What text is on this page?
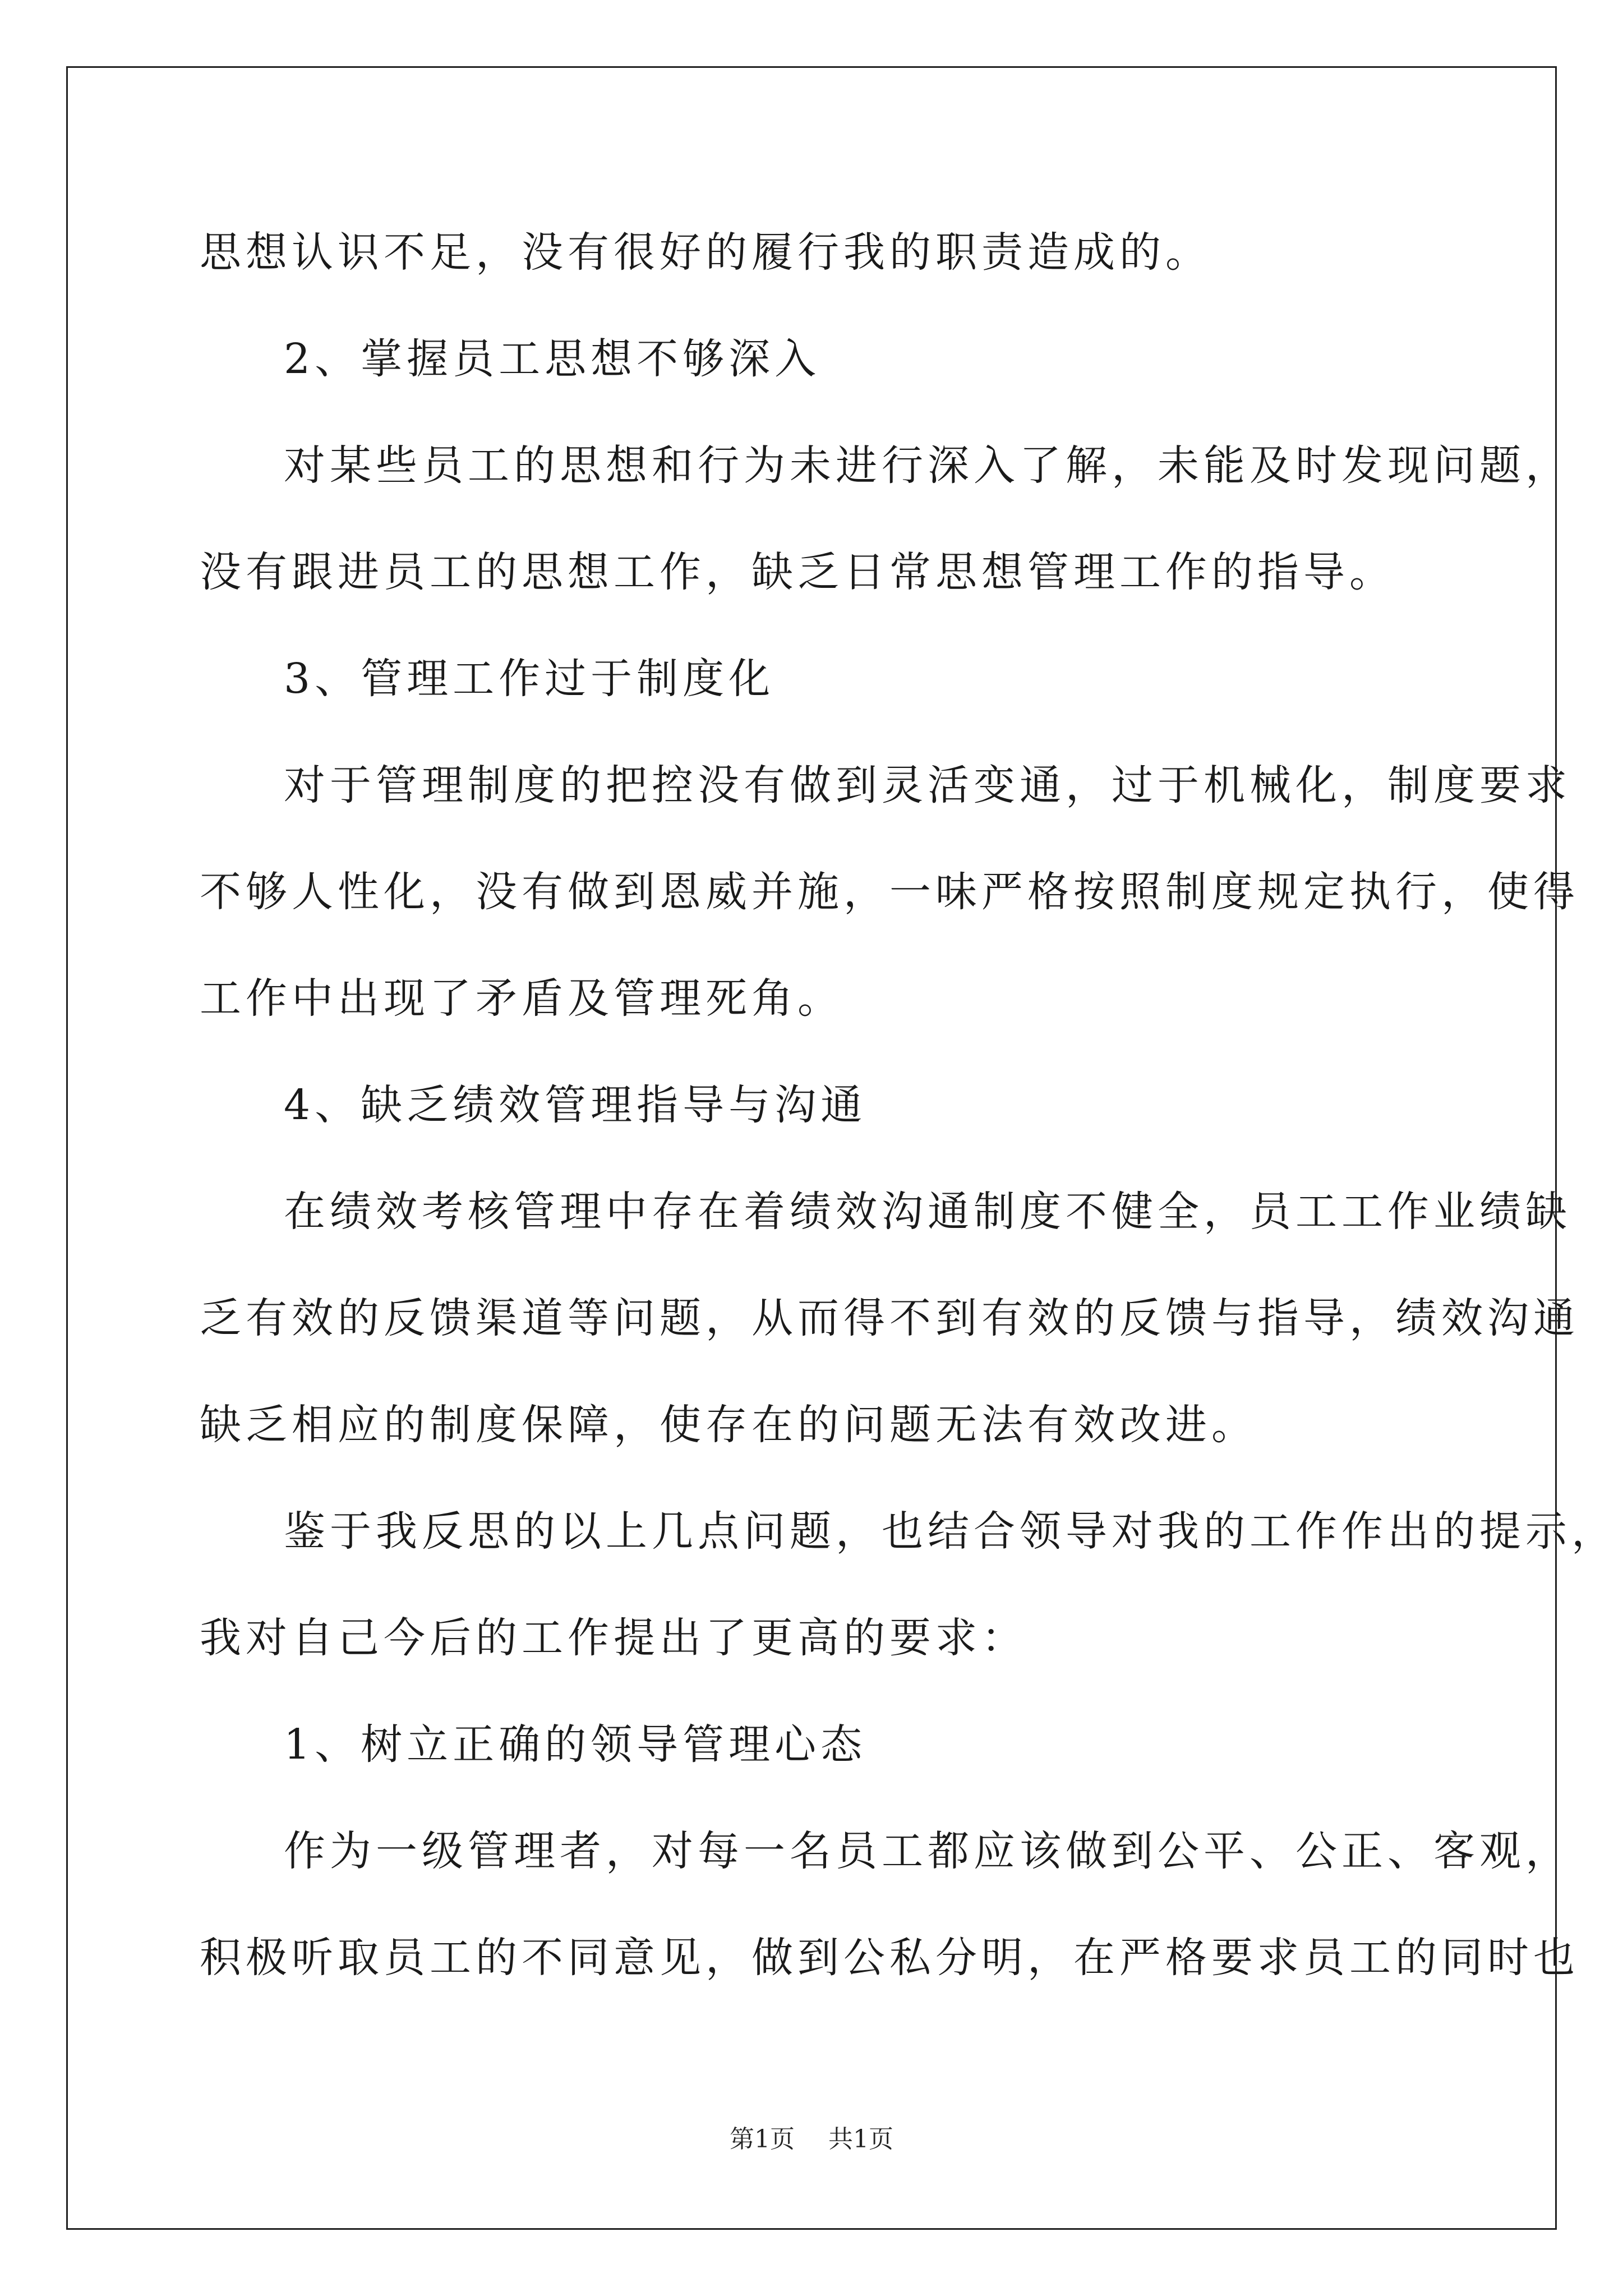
思想认识不足，没有很好的履行我的职责造成的。

2、掌握员工思想不够深入

对某些员工的思想和行为未进行深入了解，未能及时发现问题，

没有跟进员工的思想工作，缺乏日常思想管理工作的指导。

3、管理工作过于制度化

对于管理制度的把控没有做到灵活变通，过于机械化，制度要求

不够人性化，没有做到恩威并施，一味严格按照制度规定执行，使得

工作中出现了矛盾及管理死角。

4、缺乏绩效管理指导与沟通

在绩效考核管理中存在着绩效沟通制度不健全，员工工作业绩缺

乏有效的反馈渠道等问题，从而得不到有效的反馈与指导，绩效沟通

缺乏相应的制度保障，使存在的问题无法有效改进。

鉴于我反思的以上几点问题，也结合领导对我的工作作出的提示，

我对自己今后的工作提出了更高的要求：

1、树立正确的领导管理心态

作为一级管理者，对每一名员工都应该做到公平、公正、客观，

积极听取员工的不同意见，做到公私分明，在严格要求员工的同时也

第1页 共1页
